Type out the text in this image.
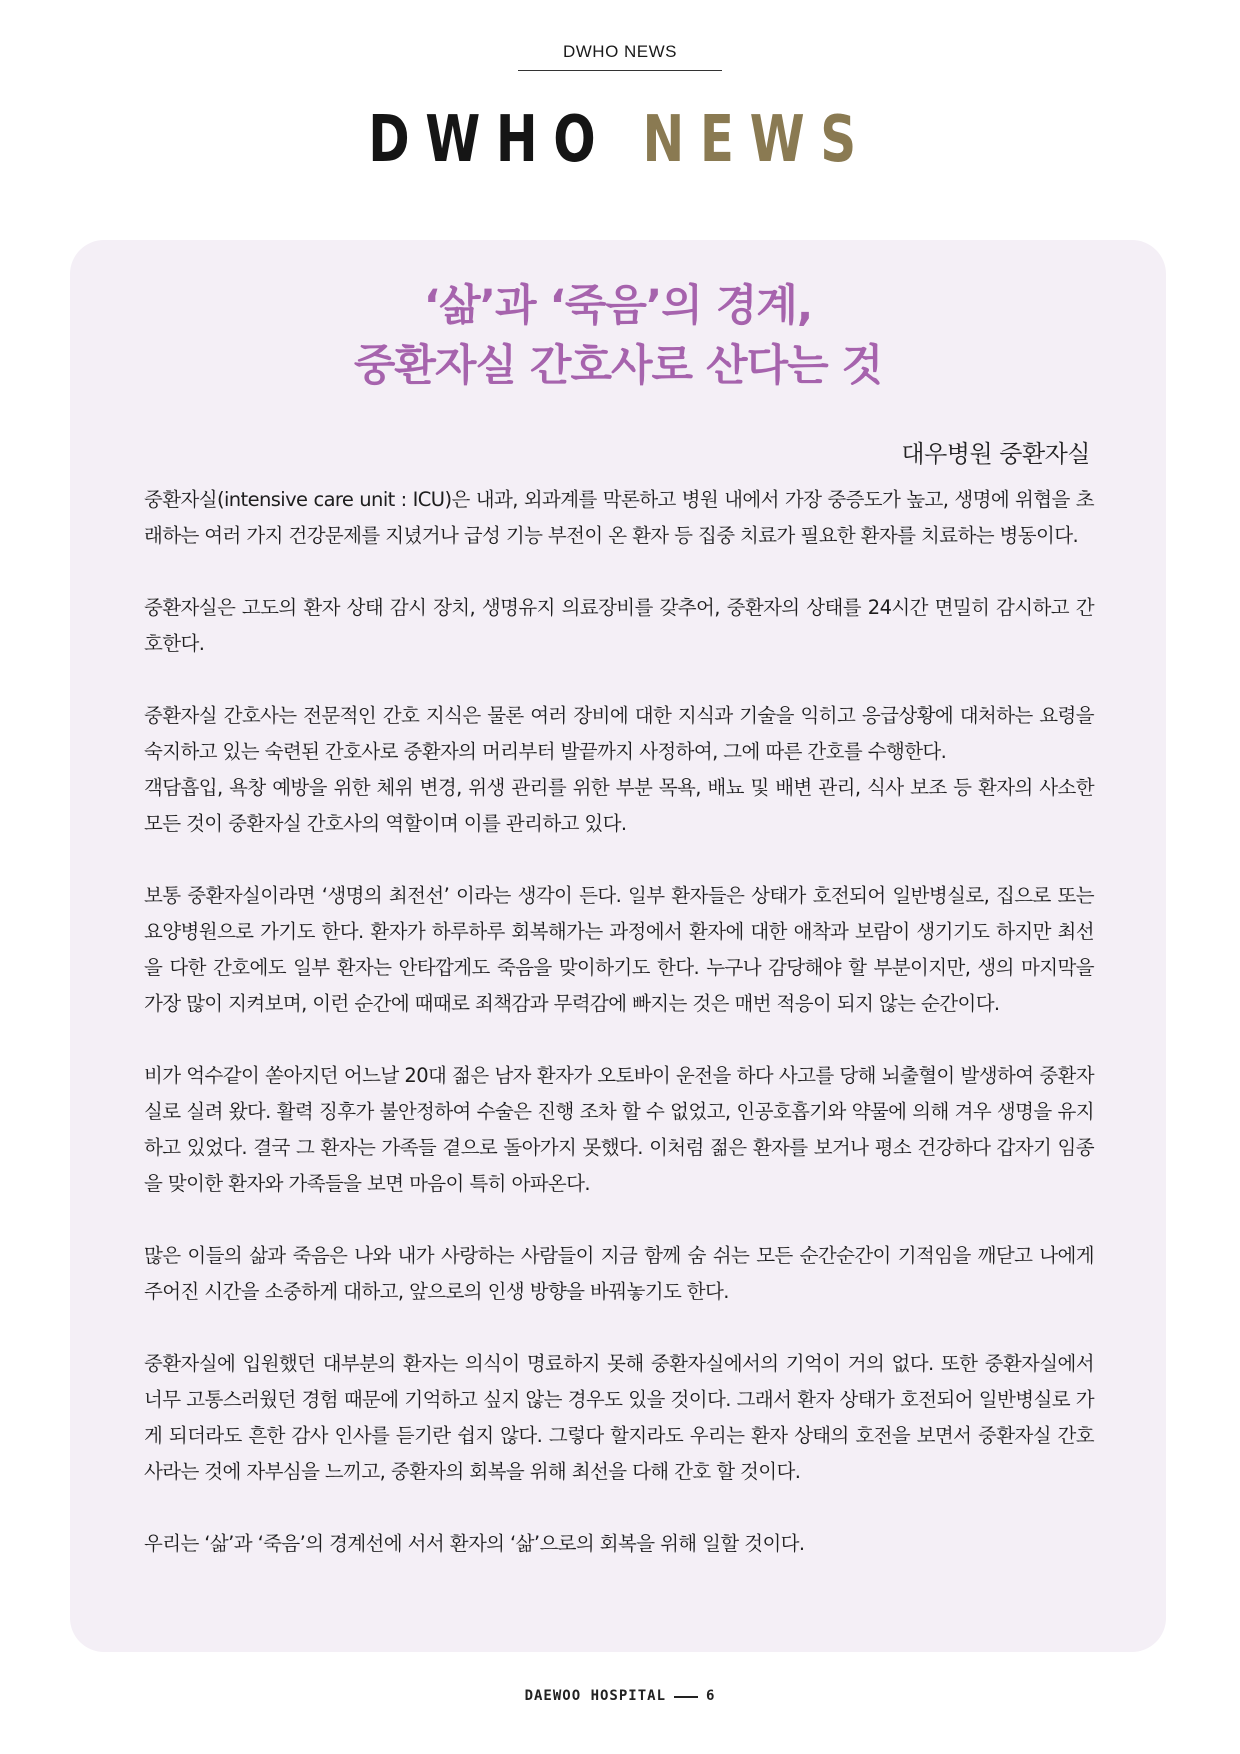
DWHO NEWS
DWHO NEWS
‘삶’과 ‘죽음’의 경계,
중환자실 간호사로 산다는 것
대우병원 중환자실

중환자실(intensive care unit : ICU)은 내과, 외과계를 막론하고 병원 내에서 가장 중증도가 높고, 생명에 위협을 초래하는 여러 가지 건강문제를 지녔거나 급성 기능 부전이 온 환자 등 집중 치료가 필요한 환자를 치료하는 병동이다.

중환자실은 고도의 환자 상태 감시 장치, 생명유지 의료장비를 갖추어, 중환자의 상태를 24시간 면밀히 감시하고 간호한다.

중환자실 간호사는 전문적인 간호 지식은 물론 여러 장비에 대한 지식과 기술을 익히고 응급상황에 대처하는 요령을 숙지하고 있는 숙련된 간호사로 중환자의 머리부터 발끝까지 사정하여, 그에 따른 간호를 수행한다.

객담흡입, 욕창 예방을 위한 체위 변경, 위생 관리를 위한 부분 목욕, 배뇨 및 배변 관리, 식사 보조 등 환자의 사소한 모든 것이 중환자실 간호사의 역할이며 이를 관리하고 있다.

보통 중환자실이라면 ‘생명의 최전선’ 이라는 생각이 든다. 일부 환자들은 상태가 호전되어 일반병실로, 집으로 또는 요양병원으로 가기도 한다. 환자가 하루하루 회복해가는 과정에서 환자에 대한 애착과 보람이 생기기도 하지만 최선을 다한 간호에도 일부 환자는 안타깝게도 죽음을 맞이하기도 한다. 누구나 감당해야 할 부분이지만, 생의 마지막을 가장 많이 지켜보며, 이런 순간에 때때로 죄책감과 무력감에 빠지는 것은 매번 적응이 되지 않는 순간이다.

비가 억수같이 쏟아지던 어느날 20대 젊은 남자 환자가 오토바이 운전을 하다 사고를 당해 뇌출혈이 발생하여 중환자실로 실려 왔다. 활력 징후가 불안정하여 수술은 진행 조차 할 수 없었고, 인공호흡기와 약물에 의해 겨우 생명을 유지하고 있었다. 결국 그 환자는 가족들 곁으로 돌아가지 못했다. 이처럼 젊은 환자를 보거나 평소 건강하다 갑자기 임종을 맞이한 환자와 가족들을 보면 마음이 특히 아파온다.

많은 이들의 삶과 죽음은 나와 내가 사랑하는 사람들이 지금 함께 숨 쉬는 모든 순간순간이 기적임을 깨닫고 나에게 주어진 시간을 소중하게 대하고, 앞으로의 인생 방향을 바꿔놓기도 한다.

중환자실에 입원했던 대부분의 환자는 의식이 명료하지 못해 중환자실에서의 기억이 거의 없다. 또한 중환자실에서 너무 고통스러웠던 경험 때문에 기억하고 싶지 않는 경우도 있을 것이다. 그래서 환자 상태가 호전되어 일반병실로 가게 되더라도 흔한 감사 인사를 듣기란 쉽지 않다. 그렇다 할지라도 우리는 환자 상태의 호전을 보면서 중환자실 간호사라는 것에 자부심을 느끼고, 중환자의 회복을 위해 최선을 다해 간호 할 것이다.

우리는 ‘삶’과 ‘죽음’의 경계선에 서서 환자의 ‘삶’으로의 회복을 위해 일할 것이다.

DAEWOO HOSPITAL	6
